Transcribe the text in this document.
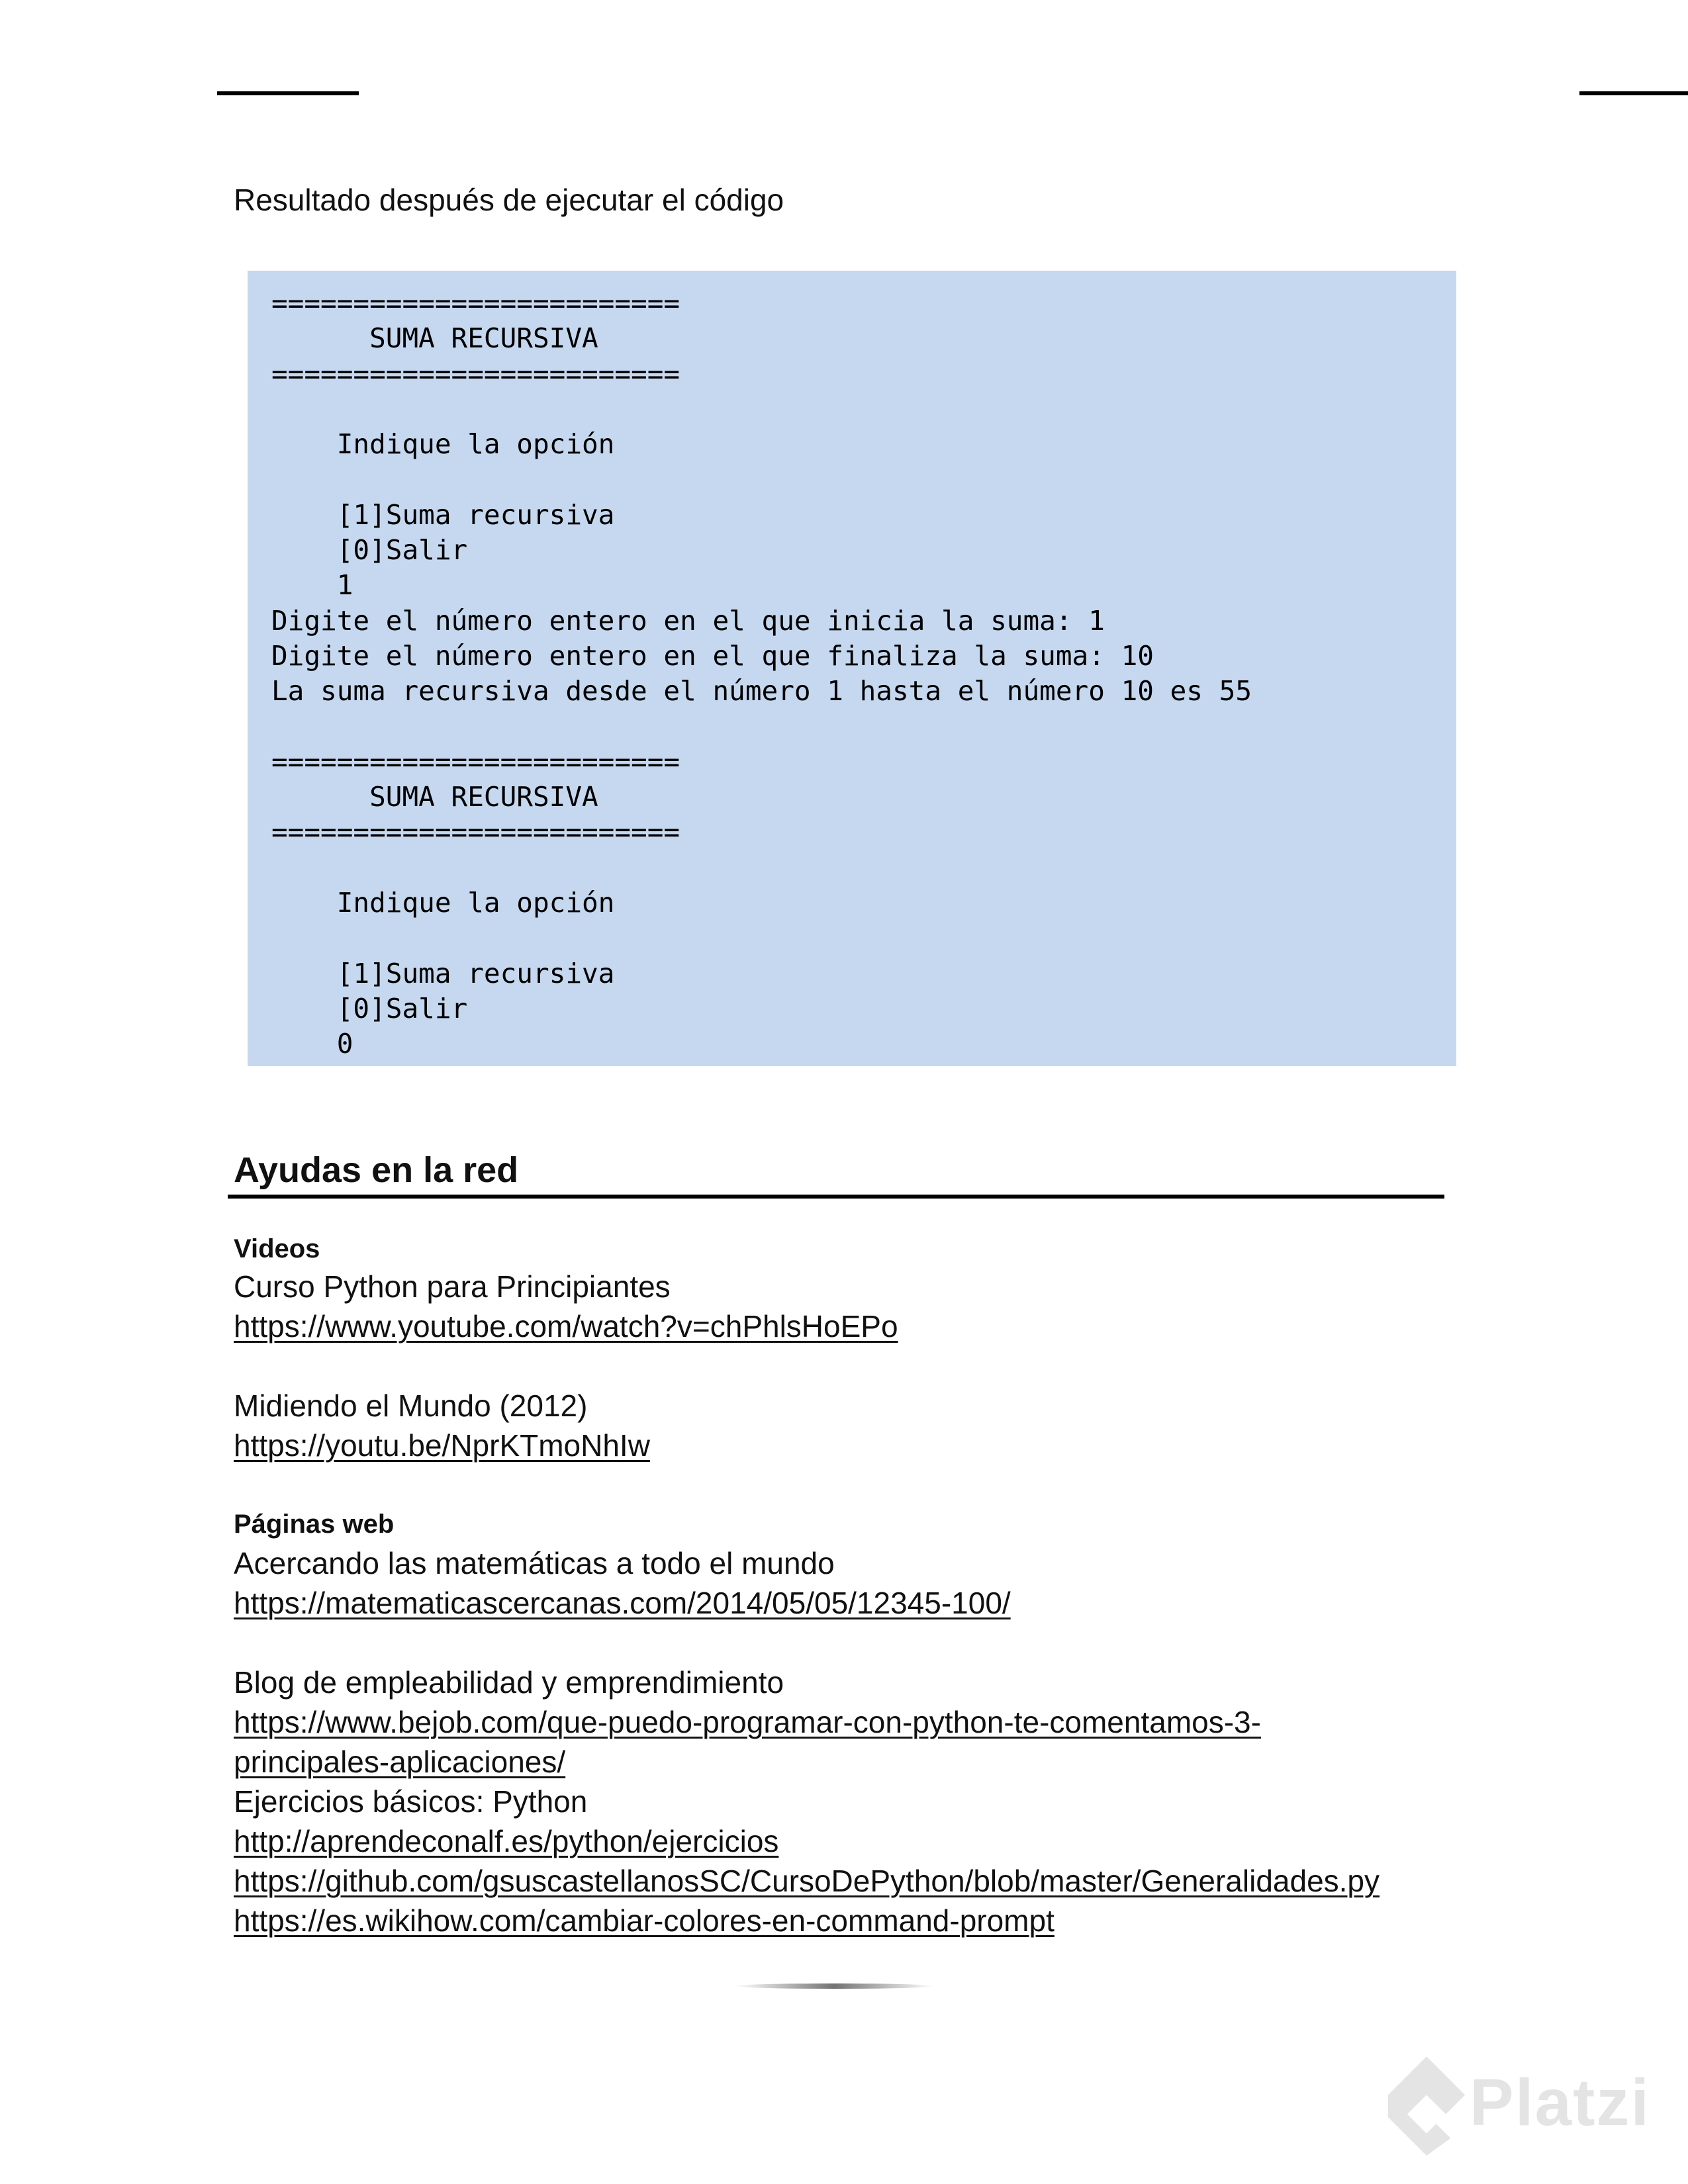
Resultado después de ejecutar el código
=========================
SUMA RECURSIVA
=========================

Indique la opción

[1]Suma recursiva
[0]Salir
1
Digite el número entero en el que inicia la suma: 1
Digite el número entero en el que finaliza la suma: 10
La suma recursiva desde el número 1 hasta el número 10 es 55

=========================
SUMA RECURSIVA
=========================

Indique la opción

[1]Suma recursiva
[0]Salir
0
Ayudas en la red
Videos
Curso Python para Principiantes
https://www.youtube.com/watch?v=chPhlsHoEPo
Midiendo el Mundo (2012)
https://youtu.be/NprKTmoNhIw
Páginas web
Acercando las matemáticas a todo el mundo
https://matematicascercanas.com/2014/05/05/12345-100/
Blog de empleabilidad y emprendimiento
https://www.bejob.com/que-puedo-programar-con-python-te-comentamos-3-
principales-aplicaciones/
Ejercicios básicos: Python
http://aprendeconalf.es/python/ejercicios
https://github.com/gsuscastellanosSC/CursoDePython/blob/master/Generalidades.py
https://es.wikihow.com/cambiar-colores-en-command-prompt
Platzi
